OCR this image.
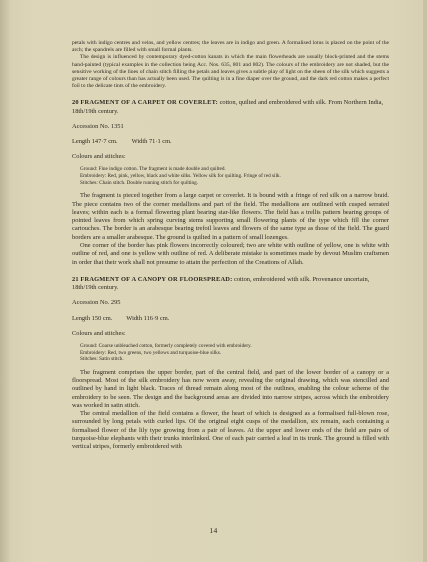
petals with indigo centres and veins, and yellow centres; the leaves are in indigo and green. A formalised lotus is placed on the point of the arch; the spandrels are filled with small formal plants.

The design is influenced by contemporary dyed-cotton kanats in which the main flowerheads are usually block-printed and the stems hand-painted (typical examples in the collection being Acc. Nos. 635, 801 and 802). The colours of the embroidery are not shaded, but the sensitive working of the lines of chain stitch filling the petals and leaves gives a subtle play of light on the sheen of the silk which suggests a greater range of colours than has actually been used. The quilting is in a fine diaper over the ground, and the dark red cotton makes a perfect foil to the delicate tints of the embroidery.

20 FRAGMENT OF A CARPET OR COVERLET: cotton, quilted and embroidered with silk. From Northern India, 18th/19th century.
Accession No. 1351
Length 147·7 cm. Width 71·1 cm.
Colours and stitches:
Ground: Fine indigo cotton. The fragment is made double and quilted.
Embroidery: Red, pink, yellow, black and white silks. Yellow silk for quilting. Fringe of red silk.
Stitches: Chain stitch. Double running stitch for quilting.

The fragment is pieced together from a large carpet or coverlet. It is bound with a fringe of red silk on a narrow braid. The piece contains two of the corner medallions and part of the field. The medallions are outlined with cusped serrated leaves; within each is a formal flowering plant bearing star-like flowers. The field has a trellis pattern bearing groups of pointed leaves from which spring curving stems supporting small flowering plants of the type which fill the corner cartouches. The border is an arabesque bearing trefoil leaves and flowers of the same type as those of the field. The guard borders are a smaller arabesque. The ground is quilted in a pattern of small lozenges.

One corner of the border has pink flowers incorrectly coloured; two are white with outline of yellow, one is white with outline of red, and one is yellow with outline of red. A deliberate mistake is sometimes made by devout Muslim craftsmen in order that their work shall not presume to attain the perfection of the Creations of Allah.

21 FRAGMENT OF A CANOPY OR FLOORSPREAD: cotton, embroidered with silk. Provenance uncertain, 18th/19th century.
Accession No. 295
Length 150 cm. Width 116·9 cm.
Colours and stitches:
Ground: Coarse unbleached cotton, formerly completely covered with embroidery.
Embroidery: Red, two greens, two yellows and turquoise-blue silks.
Stitches: Satin stitch.

The fragment comprises the upper border, part of the central field, and part of the lower border of a canopy or a floorspread. Most of the silk embroidery has now worn away, revealing the original drawing, which was stencilled and outlined by hand in light black. Traces of thread remain along most of the outlines, enabling the colour scheme of the embroidery to be seen. The design and the background areas are divided into narrow stripes, across which the embroidery was worked in satin stitch.

The central medallion of the field contains a flower, the heart of which is designed as a formalised full-blown rose, surrounded by long petals with curled lips. Of the original eight cusps of the medallion, six remain, each containing a formalised flower of the lily type growing from a pair of leaves. At the upper and lower ends of the field are pairs of turquoise-blue elephants with their trunks interlinked. One of each pair carried a leaf in its trunk. The ground is filled with vertical stripes, formerly embroidered with

14
